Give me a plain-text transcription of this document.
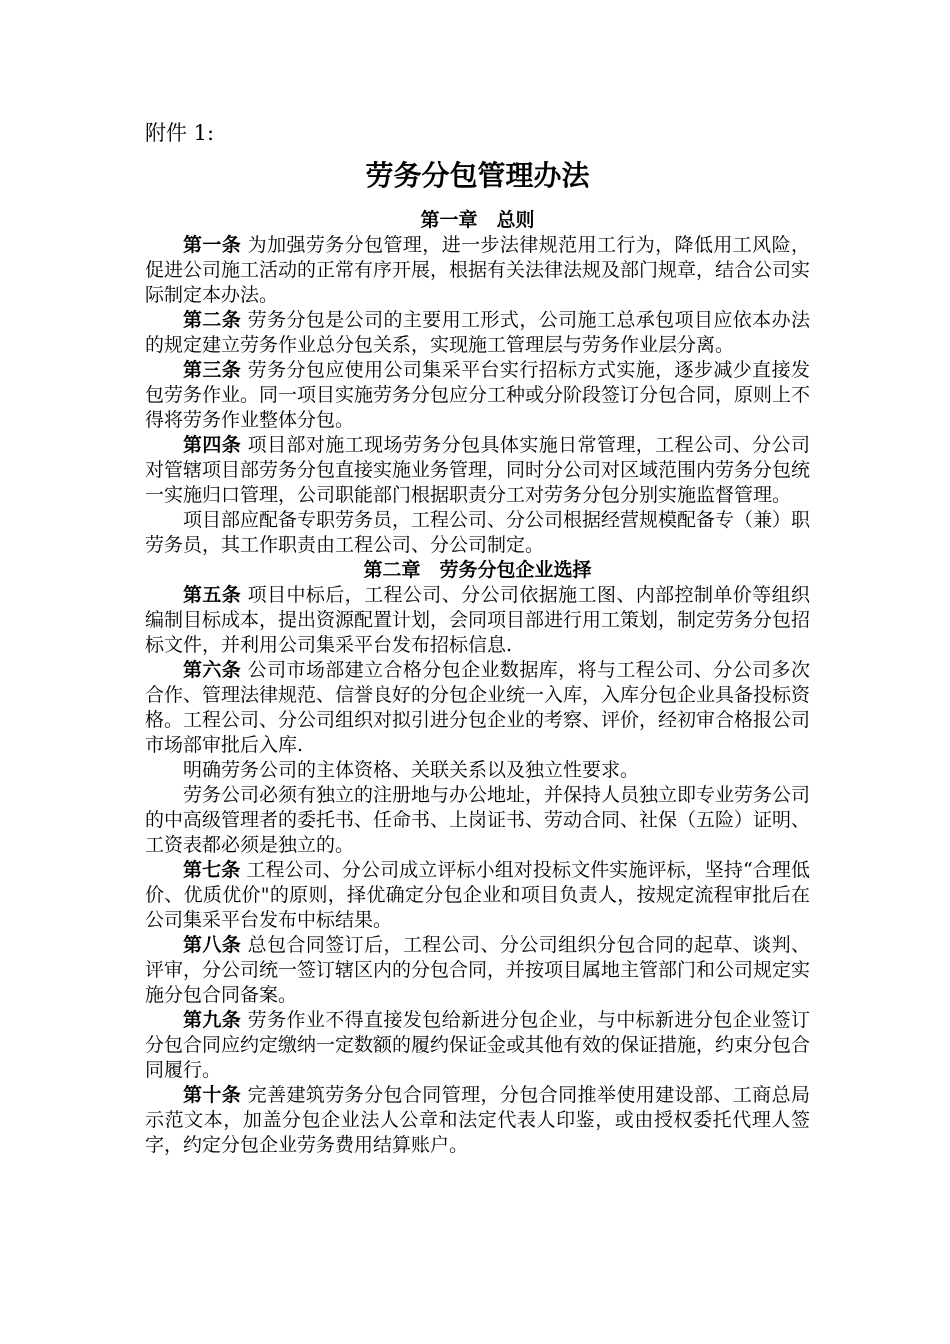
附件 1:

劳务分包管理办法
第一章　总则

第一条 为加强劳务分包管理，进一步法律规范用工行为，降低用工风险，促进公司施工活动的正常有序开展，根据有关法律法规及部门规章，结合公司实际制定本办法。

第二条 劳务分包是公司的主要用工形式，公司施工总承包项目应依本办法的规定建立劳务作业总分包关系，实现施工管理层与劳务作业层分离。

第三条 劳务分包应使用公司集采平台实行招标方式实施，逐步减少直接发包劳务作业。同一项目实施劳务分包应分工种或分阶段签订分包合同，原则上不得将劳务作业整体分包。

第四条 项目部对施工现场劳务分包具体实施日常管理，工程公司、分公司对管辖项目部劳务分包直接实施业务管理，同时分公司对区域范围内劳务分包统一实施归口管理，公司职能部门根据职责分工对劳务分包分别实施监督管理。

项目部应配备专职劳务员，工程公司、分公司根据经营规模配备专（兼）职劳务员，其工作职责由工程公司、分公司制定。

第二章　劳务分包企业选择

第五条 项目中标后，工程公司、分公司依据施工图、内部控制单价等组织编制目标成本，提出资源配置计划，会同项目部进行用工策划，制定劳务分包招标文件，并利用公司集采平台发布招标信息.

第六条 公司市场部建立合格分包企业数据库，将与工程公司、分公司多次合作、管理法律规范、信誉良好的分包企业统一入库，入库分包企业具备投标资格。工程公司、分公司组织对拟引进分包企业的考察、评价，经初审合格报公司市场部审批后入库.

明确劳务公司的主体资格、关联关系以及独立性要求。

劳务公司必须有独立的注册地与办公地址，并保持人员独立即专业劳务公司的中高级管理者的委托书、任命书、上岗证书、劳动合同、社保（五险）证明、工资表都必须是独立的。

第七条 工程公司、分公司成立评标小组对投标文件实施评标，坚持“合理低价、优质优价"的原则，择优确定分包企业和项目负责人，按规定流程审批后在公司集采平台发布中标结果。

第八条 总包合同签订后，工程公司、分公司组织分包合同的起草、谈判、评审，分公司统一签订辖区内的分包合同，并按项目属地主管部门和公司规定实施分包合同备案。

第九条 劳务作业不得直接发包给新进分包企业，与中标新进分包企业签订分包合同应约定缴纳一定数额的履约保证金或其他有效的保证措施，约束分包合同履行。

第十条 完善建筑劳务分包合同管理，分包合同推举使用建设部、工商总局示范文本，加盖分包企业法人公章和法定代表人印鉴，或由授权委托代理人签字，约定分包企业劳务费用结算账户。
